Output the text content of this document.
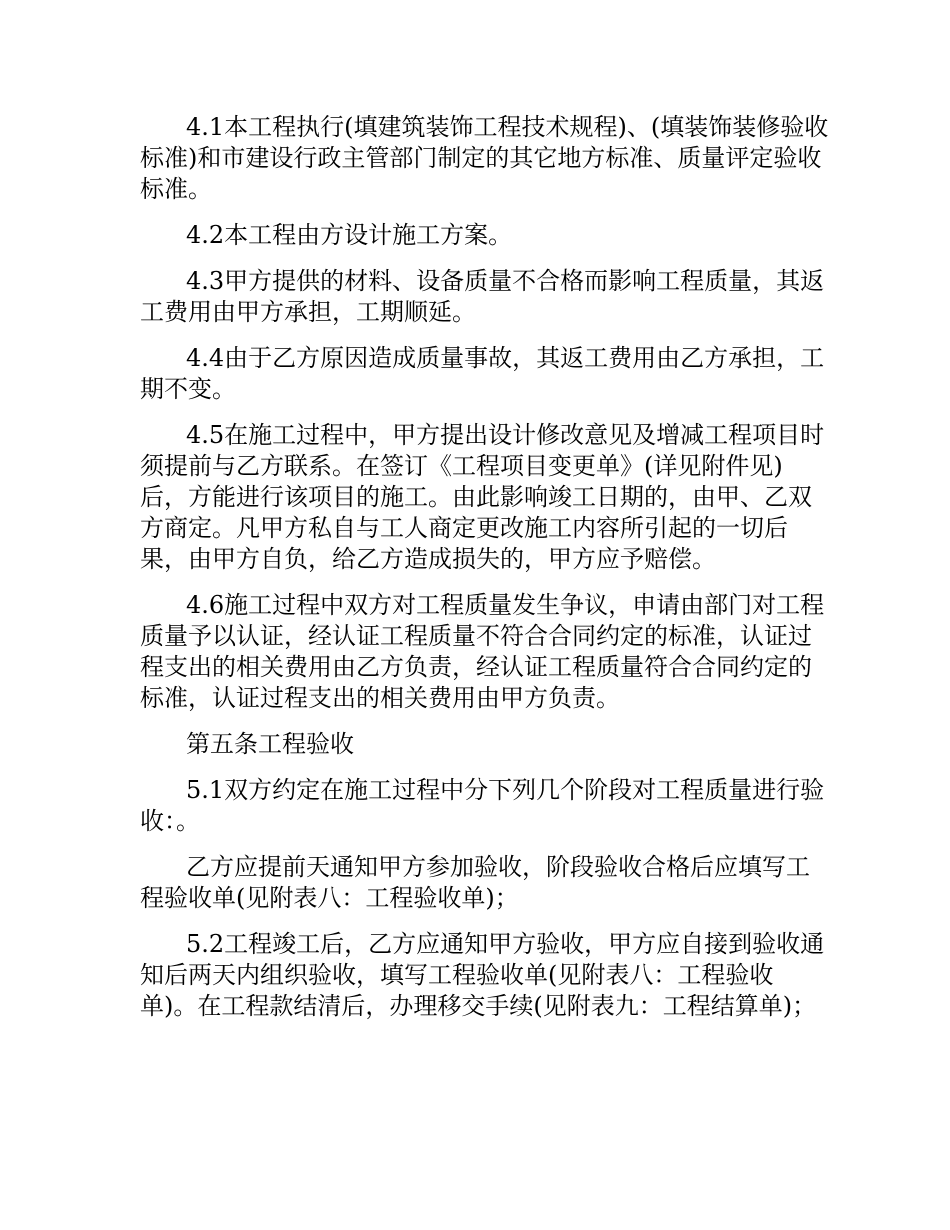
4.1本工程执行(填建筑装饰工程技术规程)、(填装饰装修验收标准)和市建设行政主管部门制定的其它地方标准、质量评定验收标准。

4.2本工程由方设计施工方案。

4.3甲方提供的材料、设备质量不合格而影响工程质量，其返工费用由甲方承担，工期顺延。

4.4由于乙方原因造成质量事故，其返工费用由乙方承担，工期不变。

4.5在施工过程中，甲方提出设计修改意见及增减工程项目时须提前与乙方联系。在签订《工程项目变更单》(详见附件见)后，方能进行该项目的施工。由此影响竣工日期的，由甲、乙双方商定。凡甲方私自与工人商定更改施工内容所引起的一切后果，由甲方自负，给乙方造成损失的，甲方应予赔偿。

4.6施工过程中双方对工程质量发生争议，申请由部门对工程质量予以认证，经认证工程质量不符合合同约定的标准，认证过程支出的相关费用由乙方负责，经认证工程质量符合合同约定的标准，认证过程支出的相关费用由甲方负责。

第五条工程验收

5.1双方约定在施工过程中分下列几个阶段对工程质量进行验收：。

乙方应提前天通知甲方参加验收，阶段验收合格后应填写工程验收单(见附表八：工程验收单)；

5.2工程竣工后，乙方应通知甲方验收，甲方应自接到验收通知后两天内组织验收，填写工程验收单(见附表八：工程验收单)。在工程款结清后，办理移交手续(见附表九：工程结算单)；
